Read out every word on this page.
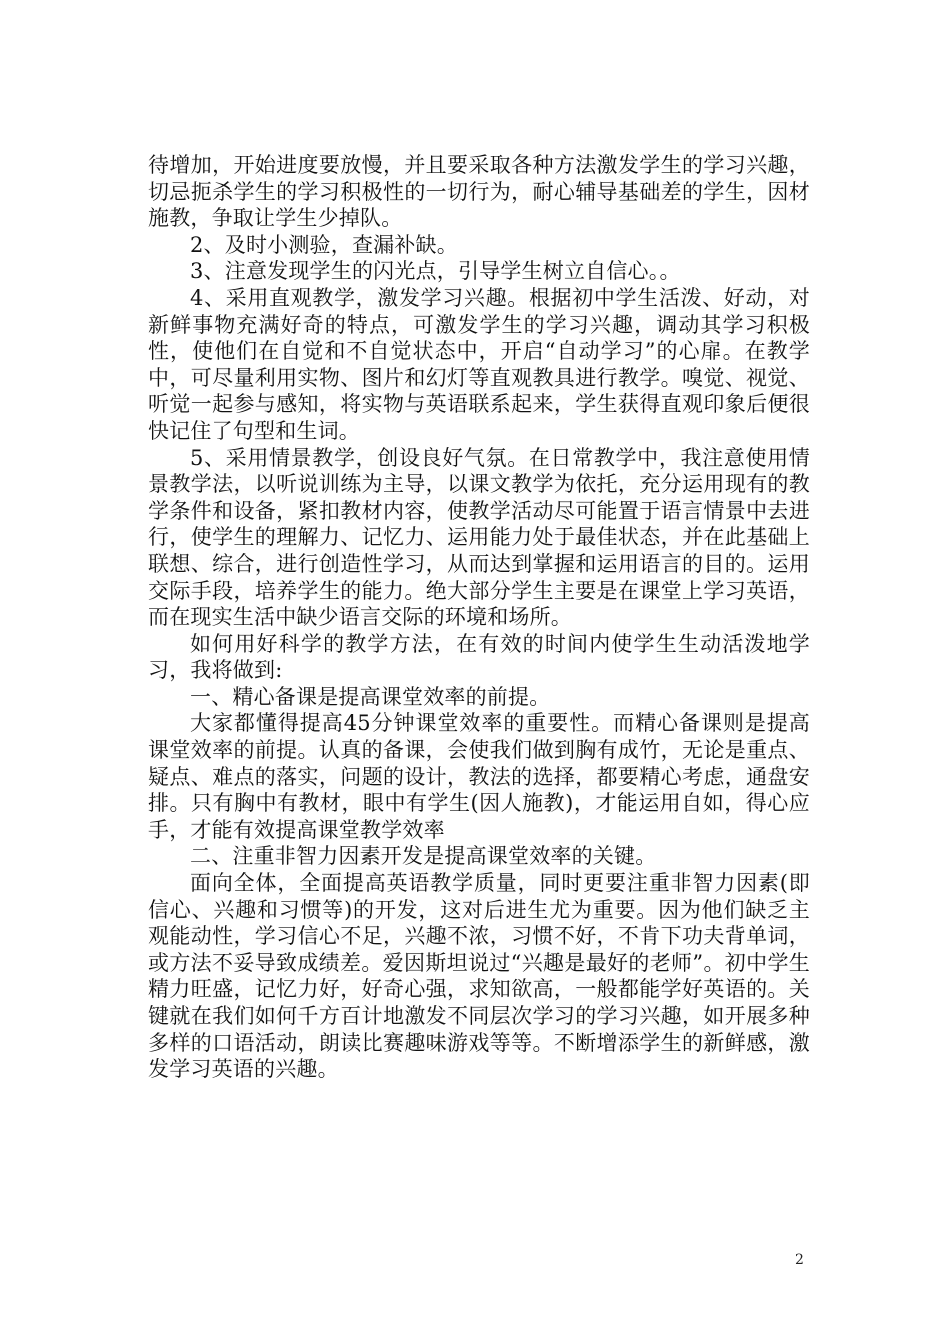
待增加，开始进度要放慢，并且要采取各种方法激发学生的学习兴趣，切忌扼杀学生的学习积极性的一切行为，耐心辅导基础差的学生，因材施教，争取让学生少掉队。

2、及时小测验，查漏补缺。

3、注意发现学生的闪光点，引导学生树立自信心。。

4、采用直观教学，激发学习兴趣。根据初中学生活泼、好动，对新鲜事物充满好奇的特点，可激发学生的学习兴趣，调动其学习积极性，使他们在自觉和不自觉状态中，开启“自动学习”的心扉。在教学中，可尽量利用实物、图片和幻灯等直观教具进行教学。嗅觉、视觉、听觉一起参与感知，将实物与英语联系起来，学生获得直观印象后便很快记住了句型和生词。

5、采用情景教学，创设良好气氛。在日常教学中，我注意使用情景教学法，以听说训练为主导，以课文教学为依托，充分运用现有的教学条件和设备，紧扣教材内容，使教学活动尽可能置于语言情景中去进行，使学生的理解力、记忆力、运用能力处于最佳状态，并在此基础上联想、综合，进行创造性学习，从而达到掌握和运用语言的目的。运用交际手段，培养学生的能力。绝大部分学生主要是在课堂上学习英语，而在现实生活中缺少语言交际的环境和场所。

如何用好科学的教学方法，在有效的时间内使学生生动活泼地学习，我将做到:

一、精心备课是提高课堂效率的前提。

大家都懂得提高45分钟课堂效率的重要性。而精心备课则是提高课堂效率的前提。认真的备课，会使我们做到胸有成竹，无论是重点、疑点、难点的落实，问题的设计，教法的选择，都要精心考虑，通盘安排。只有胸中有教材，眼中有学生(因人施教)，才能运用自如，得心应手，才能有效提高课堂教学效率

二、注重非智力因素开发是提高课堂效率的关键。

面向全体，全面提高英语教学质量，同时更要注重非智力因素(即信心、兴趣和习惯等)的开发，这对后进生尤为重要。因为他们缺乏主观能动性，学习信心不足，兴趣不浓，习惯不好，不肯下功夫背单词，或方法不妥导致成绩差。爱因斯坦说过“兴趣是最好的老师”。初中学生精力旺盛，记忆力好，好奇心强，求知欲高，一般都能学好英语的。关键就在我们如何千方百计地激发不同层次学习的学习兴趣，如开展多种多样的口语活动，朗读比赛趣味游戏等等。不断增添学生的新鲜感，激发学习英语的兴趣。

2
